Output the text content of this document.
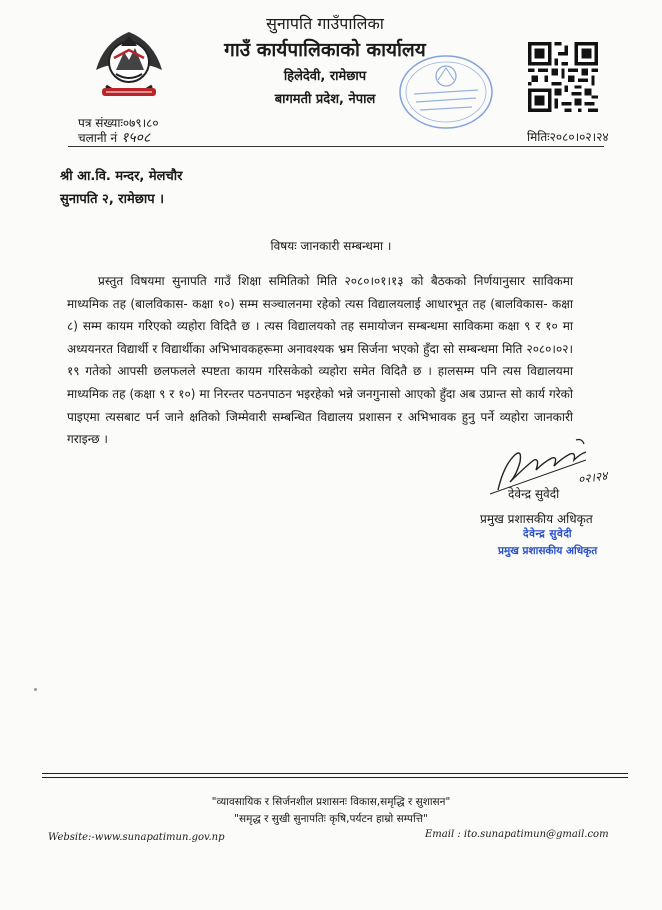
सुनापति गाउँपालिका
गाउँ कार्यपालिकाको कार्यालय
हिलेदेवी, रामेछाप
बागमती प्रदेश, नेपाल
पत्र संख्याः०७९।८०
चलानी नं १५०८	मितिः२०८०।०२।२४
श्री आ.वि. मन्दर, मेलचौर
सुनापति २, रामेछाप ।
विषयः जानकारी सम्बन्धमा ।

प्रस्तुत विषयमा सुनापति गाउँ शिक्षा समितिको मिति २०८०।०१।१३ को बैठकको निर्णयानुसार साविकमा माध्यमिक तह (बालविकास- कक्षा १०) सम्म सञ्चालनमा रहेको त्यस विद्यालयलाई आधारभूत तह (बालविकास- कक्षा ८) सम्म कायम गरिएको व्यहोरा विदितै छ । त्यस विद्यालयको तह समायोजन सम्बन्धमा साविकमा कक्षा ९ र १० मा अध्ययनरत विद्यार्थी र विद्यार्थीका अभिभावकहरूमा अनावश्यक भ्रम सिर्जना भएको हुँदा सो सम्बन्धमा मिति २०८०।०२।१९ गतेको आपसी छलफलले स्पष्टता कायम गरिसकेको व्यहोरा समेत विदितै छ । हालसम्म पनि त्यस विद्यालयमा माध्यमिक तह (कक्षा ९ र १०) मा निरन्तर पठनपाठन भइरहेको भन्ने जनगुनासो आएको हुँदा अब उप्रान्त सो कार्य गरेको पाइएमा त्यसबाट पर्न जाने क्षतिको जिम्मेवारी सम्बन्धित विद्यालय प्रशासन र अभिभावक हुनु पर्ने व्यहोरा जानकारी गराइन्छ ।

०२।२४
देवेन्द्र सुवेदी
प्रमुख प्रशासकीय अधिकृत
देवेन्द्र सुवेदी
प्रमुख प्रशासकीय अधिकृत
"व्यावसायिक र सिर्जनशील प्रशासनः विकास,समृद्धि र सुशासन"
"समृद्ध र सुखी सुनापतिः कृषि,पर्यटन हाम्रो सम्पत्ति"
Website:-www.sunapatimun.gov.np	Email : ito.sunapatimun@gmail.com
